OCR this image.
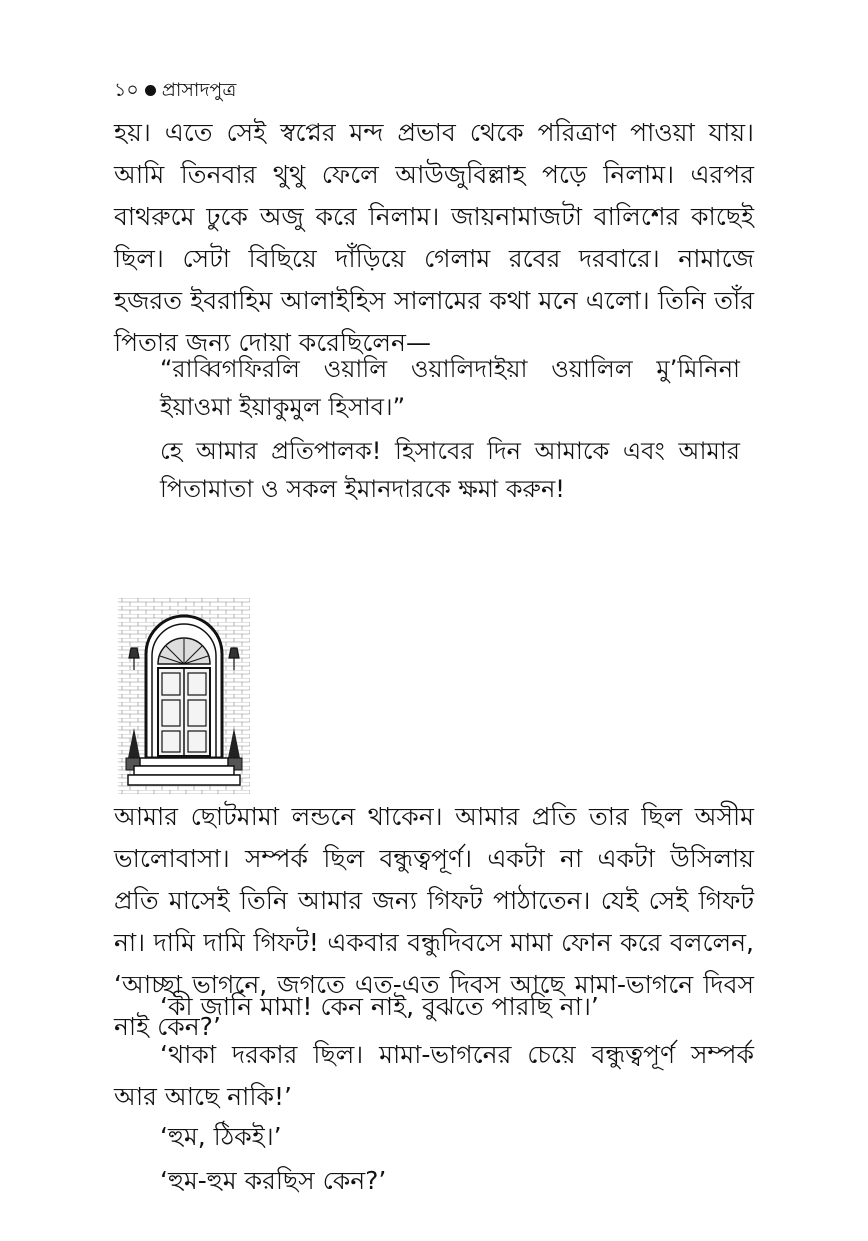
১০ প্রাসাদপুত্র

হয়। এতে সেই স্বপ্নের মন্দ প্রভাব থেকে পরিত্রাণ পাওয়া যায়। আমি তিনবার থুথু ফেলে আউজুবিল্লাহ পড়ে নিলাম। এরপর বাথরুমে ঢুকে অজু করে নিলাম। জায়নামাজটা বালিশের কাছেই ছিল। সেটা বিছিয়ে দাঁড়িয়ে গেলাম রবের দরবারে। নামাজে হজরত ইবরাহিম আলাইহিস সালামের কথা মনে এলো। তিনি তাঁর পিতার জন্য দোয়া করেছিলেন—

“রাব্বিগফিরলি ওয়ালি ওয়ালিদাইয়া ওয়ালিল মু’মিনিনা ইয়াওমা ইয়াকুমুল হিসাব।”

হে আমার প্রতিপালক! হিসাবের দিন আমাকে এবং আমার পিতামাতা ও সকল ইমানদারকে ক্ষমা করুন!

আমার ছোটমামা লন্ডনে থাকেন। আমার প্রতি তার ছিল অসীম ভালোবাসা। সম্পর্ক ছিল বন্ধুত্বপূর্ণ। একটা না একটা উসিলায় প্রতি মাসেই তিনি আমার জন্য গিফট পাঠাতেন। যেই সেই গিফট না। দামি দামি গিফট! একবার বন্ধুদিবসে মামা ফোন করে বললেন, ‘আচ্ছা ভাগনে, জগতে এত-এত দিবস আছে মামা-ভাগনে দিবস নাই কেন?’

‘কী জানি মামা! কেন নাই, বুঝতে পারছি না।’

‘থাকা দরকার ছিল। মামা-ভাগনের চেয়ে বন্ধুত্বপূর্ণ সম্পর্ক আর আছে নাকি!’

‘হুম, ঠিকই।’

‘হুম-হুম করছিস কেন?’
